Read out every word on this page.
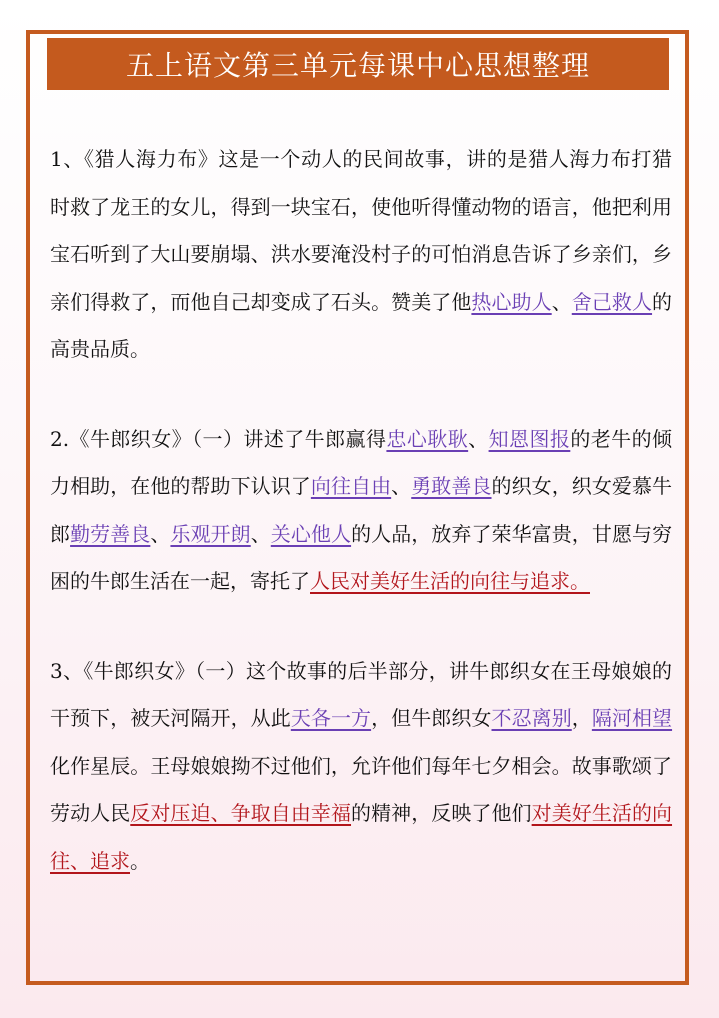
五上语文第三单元每课中心思想整理

1、《猎人海力布》这是一个动人的民间故事，讲的是猎人海力布打猎时救了龙王的女儿，得到一块宝石，使他听得懂动物的语言，他把利用宝石听到了大山要崩塌、洪水要淹没村子的可怕消息告诉了乡亲们，乡亲们得救了，而他自己却变成了石头。赞美了他热心助人、舍己救人的高贵品质。

2.《牛郎织女》（一）讲述了牛郎赢得忠心耿耿、知恩图报的老牛的倾力相助，在他的帮助下认识了向往自由、勇敢善良的织女，织女爱慕牛郎勤劳善良、乐观开朗、关心他人的人品，放弃了荣华富贵，甘愿与穷困的牛郎生活在一起，寄托了人民对美好生活的向往与追求。

3、《牛郎织女》（一）这个故事的后半部分，讲牛郎织女在王母娘娘的干预下，被天河隔开，从此天各一方，但牛郎织女不忍离别，隔河相望化作星辰。王母娘娘拗不过他们，允许他们每年七夕相会。故事歌颂了劳动人民反对压迫、争取自由幸福的精神，反映了他们对美好生活的向往、追求。
